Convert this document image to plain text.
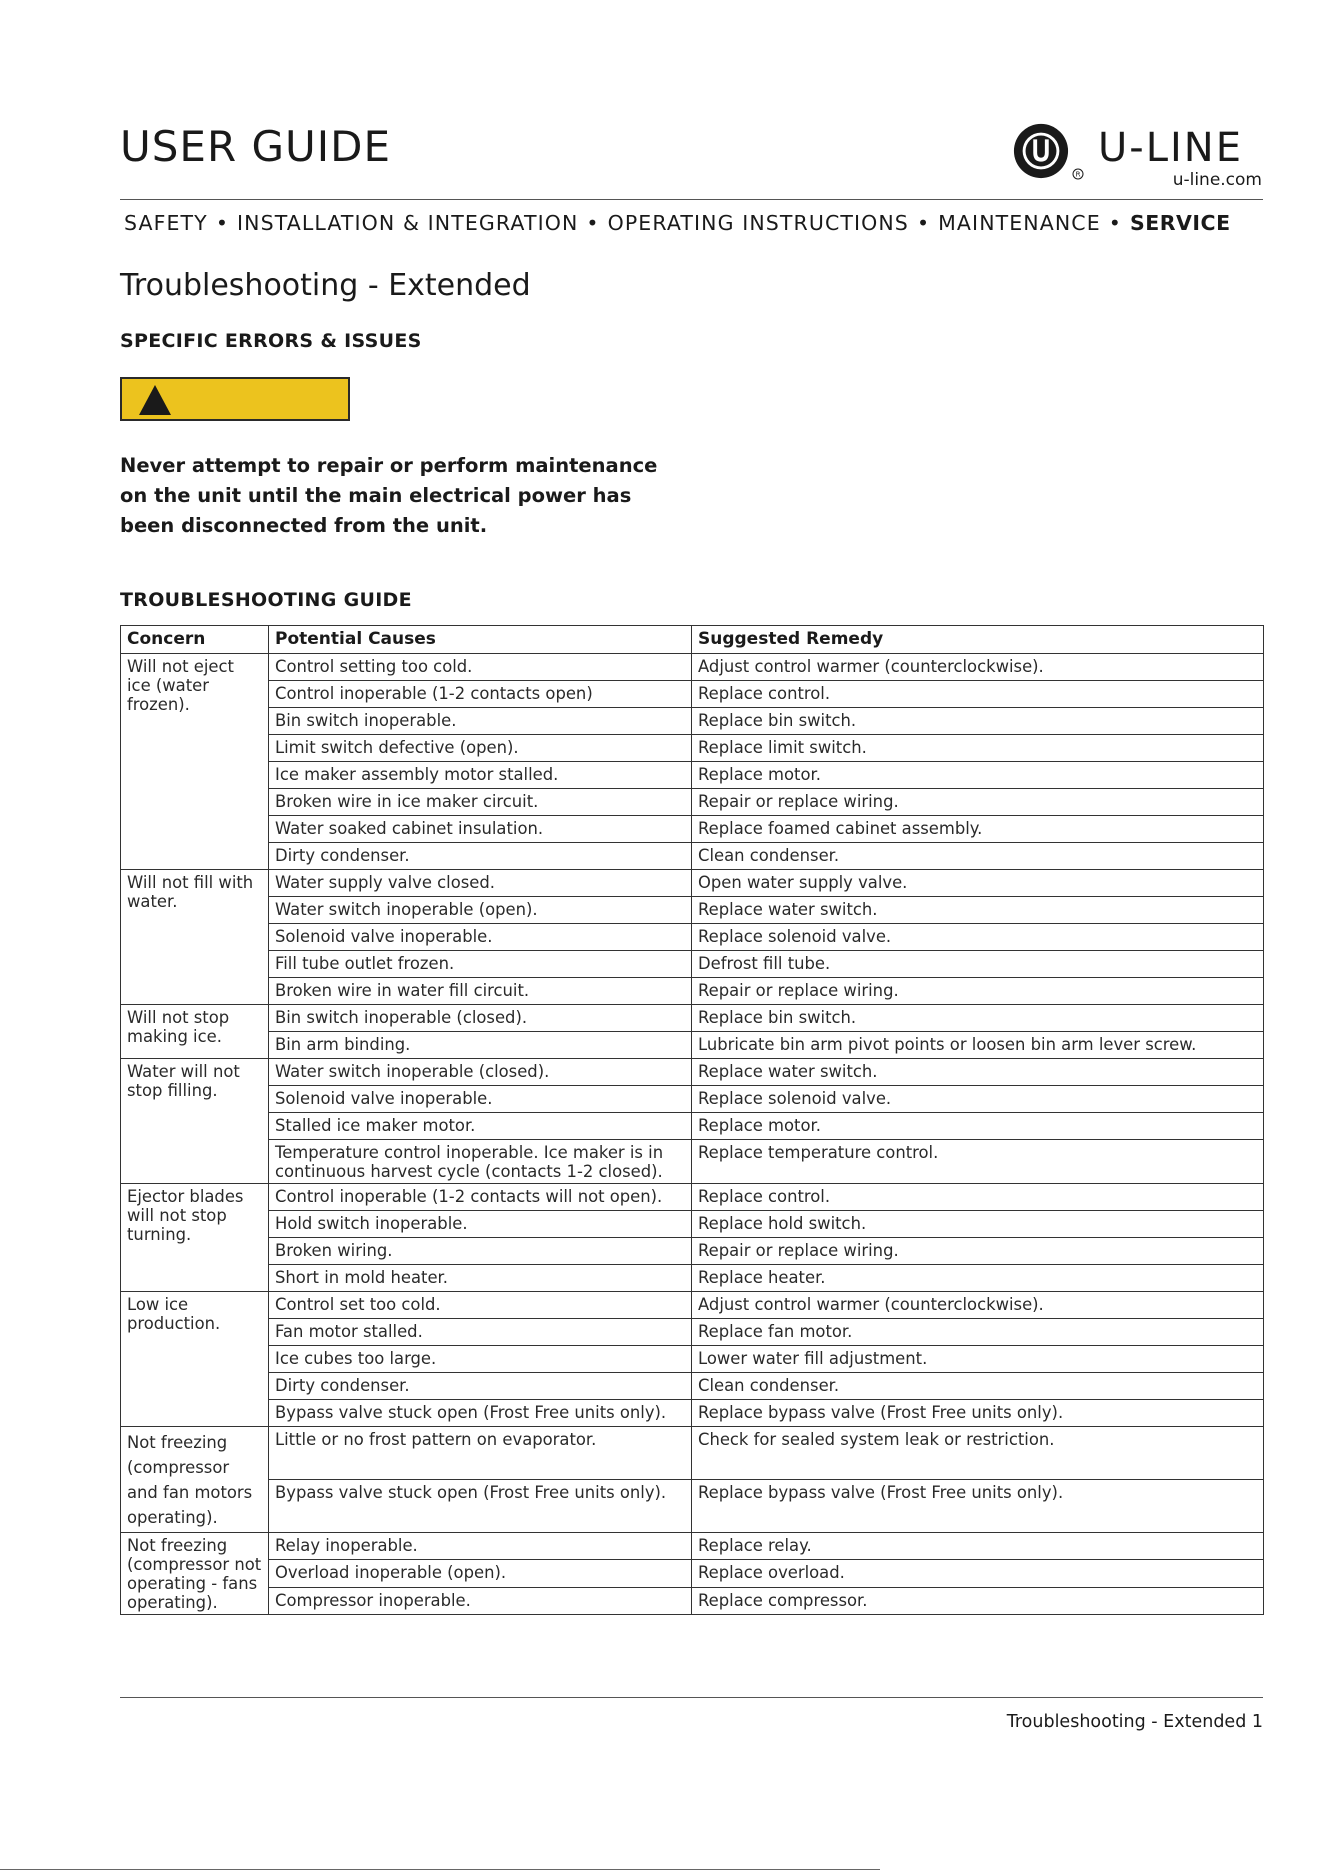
USER GUIDE
R
U-LINE
u-line.com
SAFETY • INSTALLATION & INTEGRATION • OPERATING INSTRUCTIONS • MAINTENANCE • SERVICE
Troubleshooting - Extended
SPECIFIC ERRORS & ISSUES
Never attempt to repair or perform maintenance on the unit until the main electrical power has been disconnected from the unit.
TROUBLESHOOTING GUIDE
Concern	Potential Causes	Suggested Remedy
Will not eject ice (water frozen).	Control setting too cold.	Adjust control warmer (counterclockwise).
	Control inoperable (1-2 contacts open)	Replace control.
	Bin switch inoperable.	Replace bin switch.
	Limit switch defective (open).	Replace limit switch.
	Ice maker assembly motor stalled.	Replace motor.
	Broken wire in ice maker circuit.	Repair or replace wiring.
	Water soaked cabinet insulation.	Replace foamed cabinet assembly.
	Dirty condenser.	Clean condenser.
Will not fill with water.	Water supply valve closed.	Open water supply valve.
	Water switch inoperable (open).	Replace water switch.
	Solenoid valve inoperable.	Replace solenoid valve.
	Fill tube outlet frozen.	Defrost fill tube.
	Broken wire in water fill circuit.	Repair or replace wiring.
Will not stop making ice.	Bin switch inoperable (closed).	Replace bin switch.
	Bin arm binding.	Lubricate bin arm pivot points or loosen bin arm lever screw.
Water will not stop filling.	Water switch inoperable (closed).	Replace water switch.
	Solenoid valve inoperable.	Replace solenoid valve.
	Stalled ice maker motor.	Replace motor.
	Temperature control inoperable. Ice maker is in continuous harvest cycle (contacts 1-2 closed).	Replace temperature control.
Ejector blades will not stop turning.	Control inoperable (1-2 contacts will not open).	Replace control.
	Hold switch inoperable.	Replace hold switch.
	Broken wiring.	Repair or replace wiring.
	Short in mold heater.	Replace heater.
Low ice production.	Control set too cold.	Adjust control warmer (counterclockwise).
	Fan motor stalled.	Replace fan motor.
	Ice cubes too large.	Lower water fill adjustment.
	Dirty condenser.	Clean condenser.
	Bypass valve stuck open (Frost Free units only).	Replace bypass valve (Frost Free units only).
Not freezing (compressor and fan motors operating).	Little or no frost pattern on evaporator.	Check for sealed system leak or restriction.
	Bypass valve stuck open (Frost Free units only).	Replace bypass valve (Frost Free units only).
Not freezing (compressor not operating - fans operating).	Relay inoperable.	Replace relay.
	Overload inoperable (open).	Replace overload.
	Compressor inoperable.	Replace compressor.
Troubleshooting - Extended 1
